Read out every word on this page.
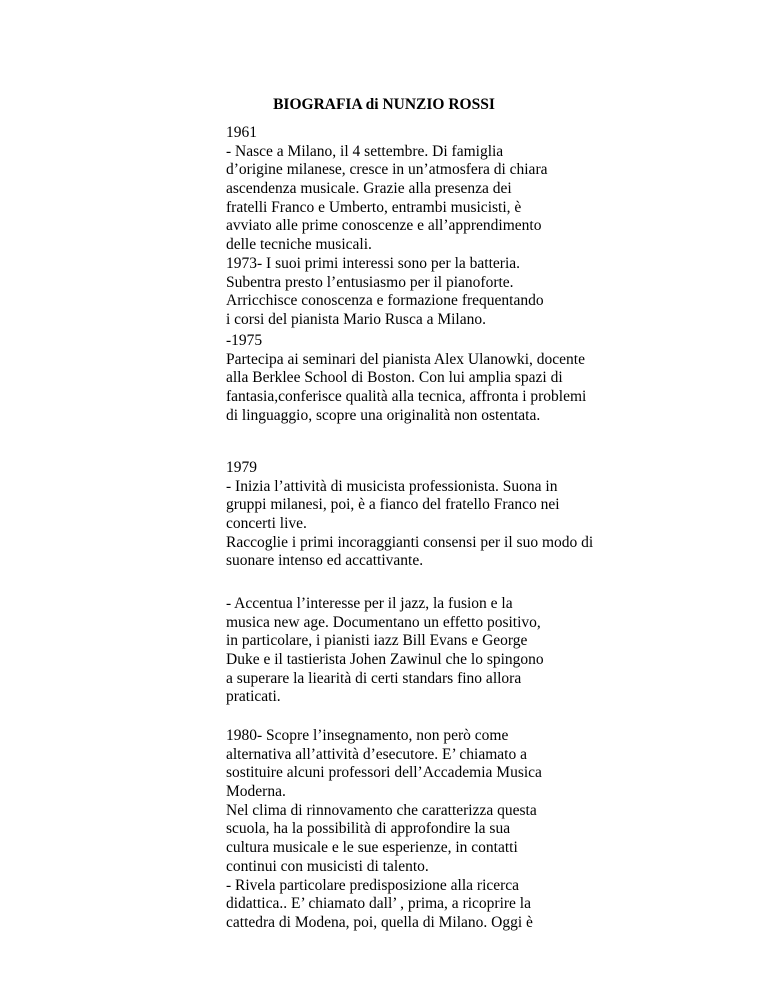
BIOGRAFIA di NUNZIO ROSSI
1961
- Nasce a Milano, il 4 settembre. Di famiglia
d’origine milanese, cresce in un’atmosfera di chiara
ascendenza musicale. Grazie alla presenza dei
fratelli Franco e Umberto, entrambi musicisti, è
avviato alle prime conoscenze e all’apprendimento
delle tecniche musicali.
1973- I suoi primi interessi sono per la batteria.
Subentra presto l’entusiasmo per il pianoforte.
Arricchisce conoscenza e formazione frequentando
i corsi del pianista Mario Rusca a Milano.
-1975
Partecipa ai seminari del pianista Alex Ulanowki, docente
alla Berklee School di Boston. Con lui amplia spazi di
fantasia,conferisce qualità alla tecnica, affronta i problemi
di linguaggio, scopre una originalità non ostentata.
1979
- Inizia l’attività di musicista professionista. Suona in
gruppi milanesi, poi, è a fianco del fratello Franco nei
concerti live.
Raccoglie i primi incoraggianti consensi per il suo modo di
suonare intenso ed accattivante.
- Accentua l’interesse per il jazz, la fusion e la
musica new age. Documentano un effetto positivo,
in particolare, i pianisti iazz Bill Evans e George
Duke e il tastierista Johen Zawinul che lo spingono
a superare la liearità di certi standars fino allora
praticati.
1980- Scopre l’insegnamento, non però come
alternativa all’attività d’esecutore. E’ chiamato a
sostituire alcuni professori dell’Accademia Musica
Moderna.
Nel clima di rinnovamento che caratterizza questa
scuola, ha la possibilità di approfondire la sua
cultura musicale e le sue esperienze, in contatti
continui con musicisti di talento.
- Rivela particolare predisposizione alla ricerca
didattica.. E’ chiamato dall’ , prima, a ricoprire la
cattedra di Modena, poi, quella di Milano. Oggi è
